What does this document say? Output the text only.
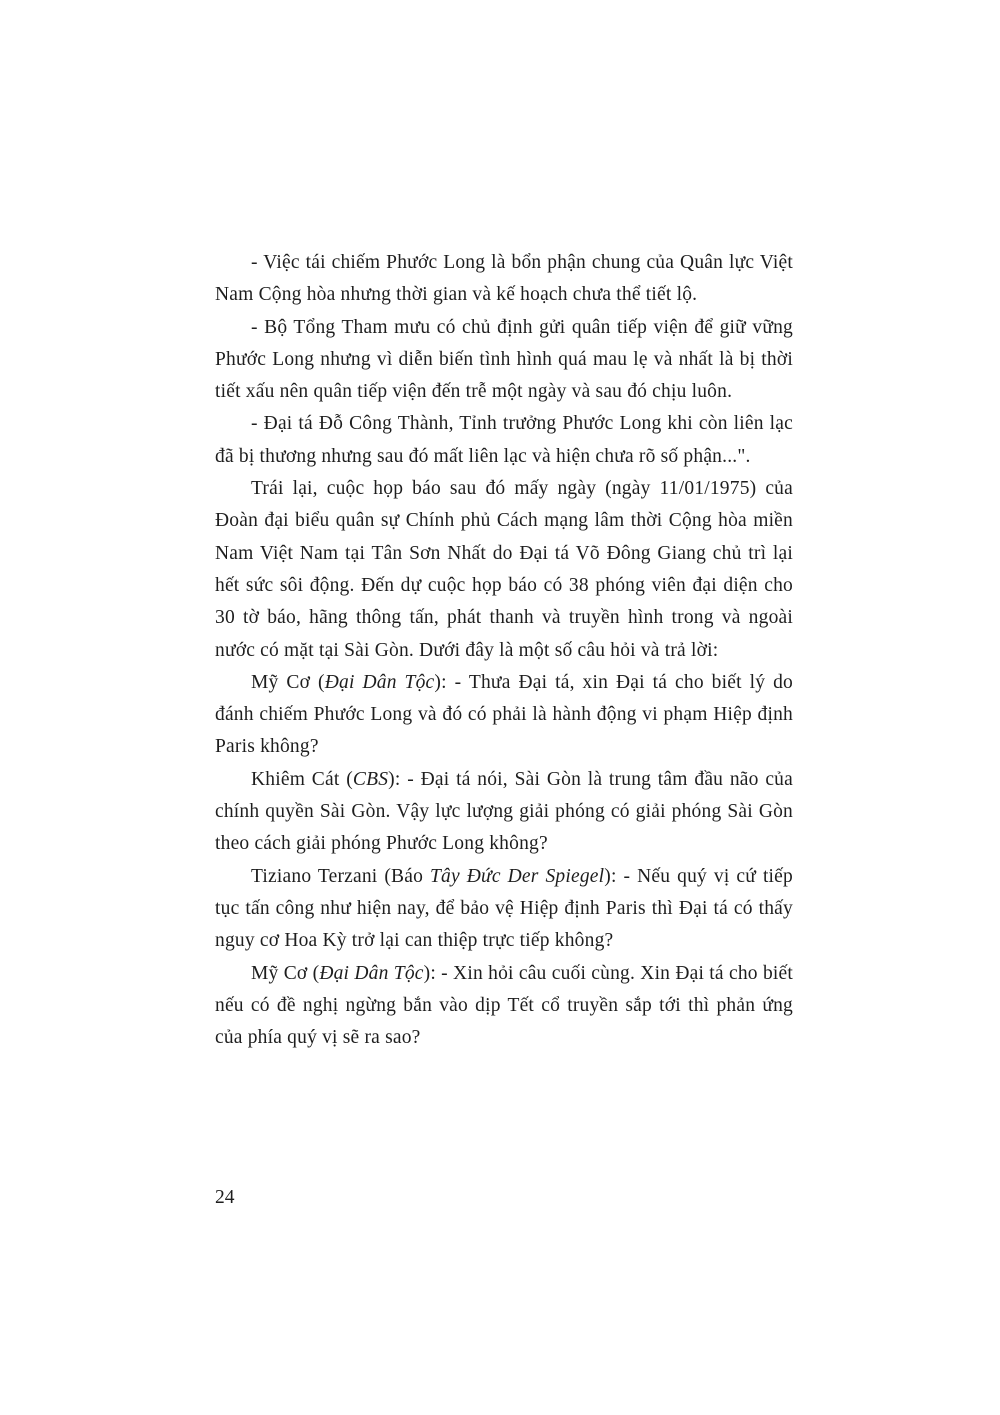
- Việc tái chiếm Phước Long là bổn phận chung của Quân lực Việt Nam Cộng hòa nhưng thời gian và kế hoạch chưa thể tiết lộ.

- Bộ Tổng Tham mưu có chủ định gửi quân tiếp viện để giữ vững Phước Long nhưng vì diễn biến tình hình quá mau lẹ và nhất là bị thời tiết xấu nên quân tiếp viện đến trễ một ngày và sau đó chịu luôn.

- Đại tá Đỗ Công Thành, Tỉnh trưởng Phước Long khi còn liên lạc đã bị thương nhưng sau đó mất liên lạc và hiện chưa rõ số phận...".

Trái lại, cuộc họp báo sau đó mấy ngày (ngày 11/01/1975) của Đoàn đại biểu quân sự Chính phủ Cách mạng lâm thời Cộng hòa miền Nam Việt Nam tại Tân Sơn Nhất do Đại tá Võ Đông Giang chủ trì lại hết sức sôi động. Đến dự cuộc họp báo có 38 phóng viên đại diện cho 30 tờ báo, hãng thông tấn, phát thanh và truyền hình trong và ngoài nước có mặt tại Sài Gòn. Dưới đây là một số câu hỏi và trả lời:

Mỹ Cơ (Đại Dân Tộc): - Thưa Đại tá, xin Đại tá cho biết lý do đánh chiếm Phước Long và đó có phải là hành động vi phạm Hiệp định Paris không?

Khiêm Cát (CBS): - Đại tá nói, Sài Gòn là trung tâm đầu não của chính quyền Sài Gòn. Vậy lực lượng giải phóng có giải phóng Sài Gòn theo cách giải phóng Phước Long không?

Tiziano Terzani (Báo Tây Đức Der Spiegel): - Nếu quý vị cứ tiếp tục tấn công như hiện nay, để bảo vệ Hiệp định Paris thì Đại tá có thấy nguy cơ Hoa Kỳ trở lại can thiệp trực tiếp không?

Mỹ Cơ (Đại Dân Tộc): - Xin hỏi câu cuối cùng. Xin Đại tá cho biết nếu có đề nghị ngừng bắn vào dịp Tết cổ truyền sắp tới thì phản ứng của phía quý vị sẽ ra sao?

24
